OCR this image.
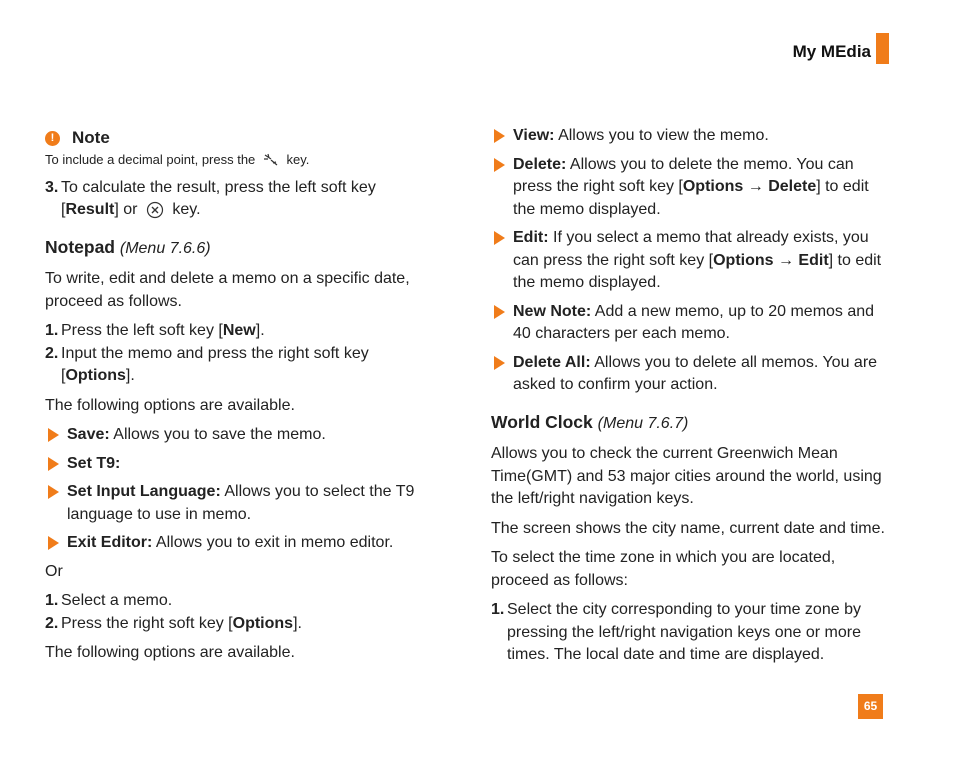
My MEdia
!	Note

To include a decimal point, press the key.

3. To calculate the result, press the left soft key [Result] or key.
Notepad (Menu 7.6.6)

To write, edit and delete a memo on a specific date, proceed as follows.

1. Press the left soft key [New].
2. Input the memo and press the right soft key [Options].

The following options are available.

Save: Allows you to save the memo.
Set T9:
Set Input Language: Allows you to select the T9 language to use in memo.
Exit Editor: Allows you to exit in memo editor.

Or

1. Select a memo.
2. Press the right soft key [Options].

The following options are available.

View: Allows you to view the memo.
Delete: Allows you to delete the memo. You can press the right soft key [Options → Delete] to edit the memo displayed.
Edit: If you select a memo that already exists, you can press the right soft key [Options → Edit] to edit the memo displayed.
New Note: Add a new memo, up to 20 memos and 40 characters per each memo.
Delete All: Allows you to delete all memos. You are asked to confirm your action.
World Clock (Menu 7.6.7)

Allows you to check the current Greenwich Mean Time(GMT) and 53 major cities around the world, using the left/right navigation keys.

The screen shows the city name, current date and time.

To select the time zone in which you are located, proceed as follows:

1. Select the city corresponding to your time zone by pressing the left/right navigation keys one or more times. The local date and time are displayed.
65
